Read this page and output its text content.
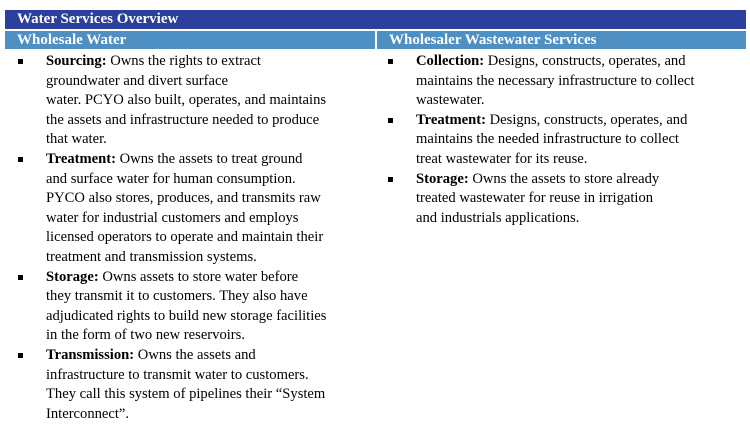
Water Services Overview
Wholesale Water	Wholesaler Wastewater Services
Sourcing: Owns the rights to extract
groundwater and divert surface
water. PCYO also built, operates, and maintains
the assets and infrastructure needed to produce
that water.
Treatment: Owns the assets to treat ground
and surface water for human consumption.
PYCO also stores, produces, and transmits raw
water for industrial customers and employs
licensed operators to operate and maintain their
treatment and transmission systems.
Storage: Owns assets to store water before
they transmit it to customers. They also have
adjudicated rights to build new storage facilities
in the form of two new reservoirs.
Transmission: Owns the assets and
infrastructure to transmit water to customers.
They call this system of pipelines their “System
Interconnect”.
Collection: Designs, constructs, operates, and
maintains the necessary infrastructure to collect
wastewater.
Treatment: Designs, constructs, operates, and
maintains the needed infrastructure to collect
treat wastewater for its reuse.
Storage: Owns the assets to store already
treated wastewater for reuse in irrigation
and industrials applications.
